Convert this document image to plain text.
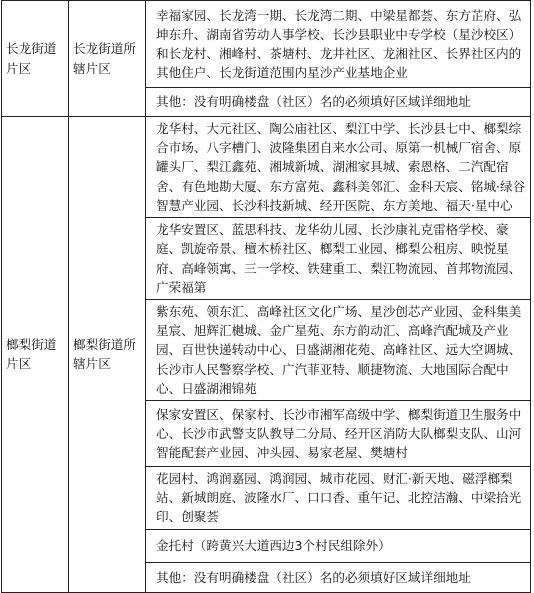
长龙街道片区	长龙街道所辖片区	幸福家园、长龙湾一期、长龙湾二期、中梁星都荟、东方芷府、弘坤东升、湖南省劳动人事学校、长沙县职业中专学校（星沙校区）和长龙村、湘峰村、茶塘村、龙井社区、龙湘社区、长界社区内的其他住户、长龙街道范围内星沙产业基地企业
		其他：没有明确楼盘（社区）名的必须填好区域详细地址

榔梨街道片区	榔梨街道所辖片区	龙华村、大元社区、陶公庙社区、梨江中学、长沙县七中、榔梨综合市场、八字槽门、波隆集团自来水公司、原第一机械厂宿舍、原罐头厂、梨江鑫苑、湘城新城、湖湘家具城、索恩格、二汽配宿舍、有色地勘大厦、东方富苑、鑫科美邻汇、金科天宸、铭城·绿谷智慧产业园、长沙科技新城、经开医院、东方美地、福天·星中心
		龙华安置区、蓝思科技、龙华幼儿园、长沙康礼克雷格学校、豪庭、凯旋帝景、檀木桥社区、榔梨工业园、榔梨公租房、映悦星府、高峰领寓、三一学校、铁建重工、梨江物流园、首邦物流园、广荣福第
		紫东苑、领东汇、高峰社区文化广场、星沙创芯产业园、金科集美星宸、旭辉汇樾城、金广星苑、东方韵动汇、高峰汽配城及产业园、百世快递转动中心、日盛湖湘花苑、高峰社区、远大空调城、长沙市人民警察学校、广汽菲亚特、顺捷物流、大地国际合配中心、日盛湖湘锦苑
		保家安置区、保家村、长沙市湘军高级中学、榔梨街道卫生服务中心、长沙市武警支队教导二分局、经开区消防大队榔梨支队、山河智能配套产业园、冲头园、易家老屋、樊塘村
		花园村、鸿润嘉园、鸿润园、城市花园、财汇·新天地、磁浮榔梨站、新城朗庭、波隆水厂、口口香、重午记、北控洁瀚、中梁拾光印、创聚荟
		金托村（跨黄兴大道西边3个村民组除外）
		其他：没有明确楼盘（社区）名的必须填好区域详细地址
